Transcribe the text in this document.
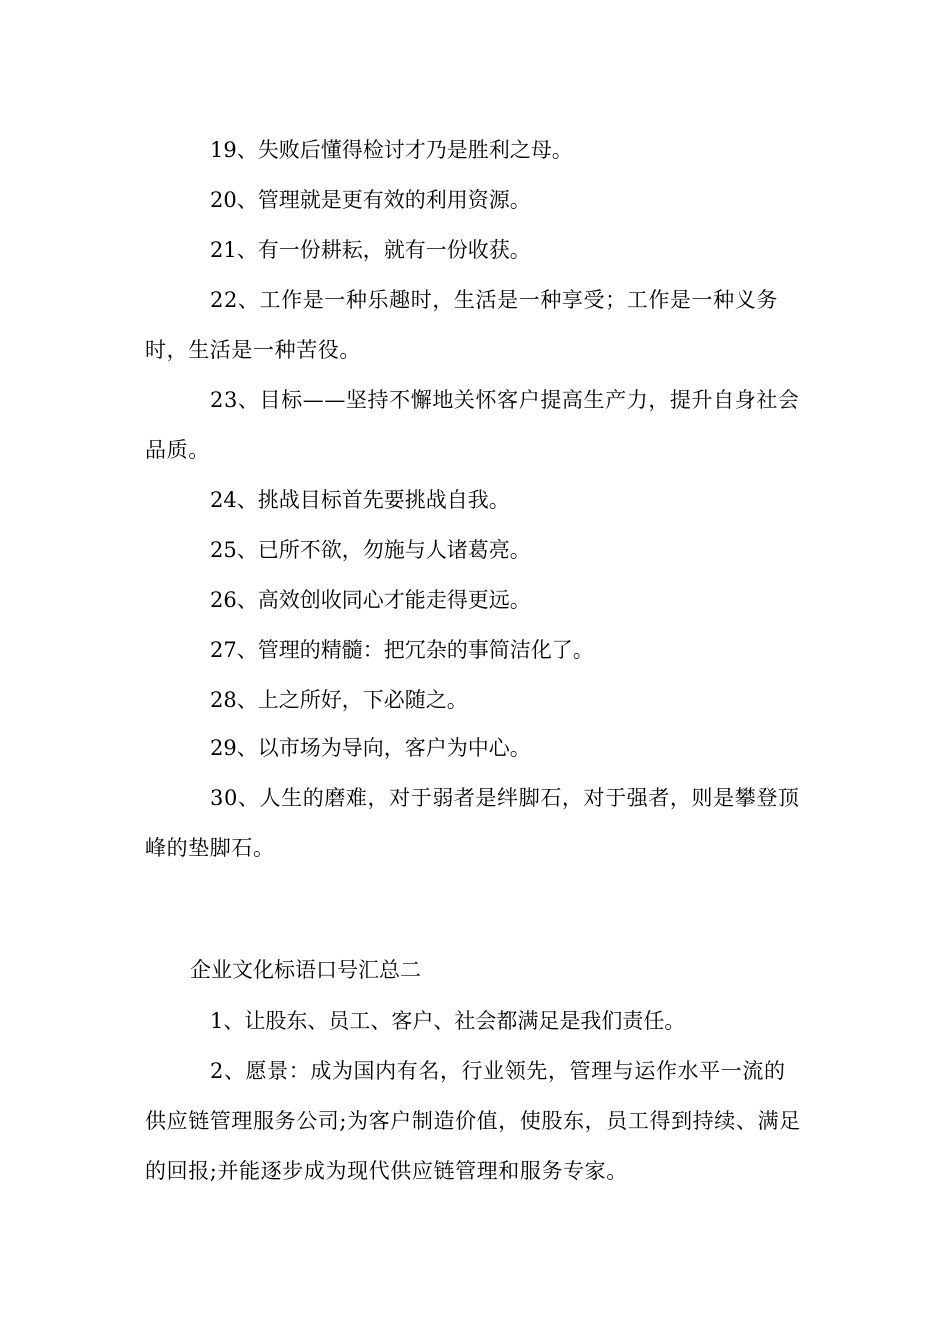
19、失败后懂得检讨才乃是胜利之母。

20、管理就是更有效的利用资源。

21、有一份耕耘，就有一份收获。

22、工作是一种乐趣时，生活是一种享受；工作是一种义务时，生活是一种苦役。

23、目标——坚持不懈地关怀客户提高生产力，提升自身社会品质。

24、挑战目标首先要挑战自我。

25、已所不欲，勿施与人诸葛亮。

26、高效创收同心才能走得更远。

27、管理的精髓：把冗杂的事简洁化了。

28、上之所好，下必随之。

29、以市场为导向，客户为中心。

30、人生的磨难，对于弱者是绊脚石，对于强者，则是攀登顶峰的垫脚石。

企业文化标语口号汇总二

1、让股东、员工、客户、社会都满足是我们责任。

2、愿景：成为国内有名，行业领先，管理与运作水平一流的供应链管理服务公司;为客户制造价值，使股东，员工得到持续、满足的回报;并能逐步成为现代供应链管理和服务专家。
